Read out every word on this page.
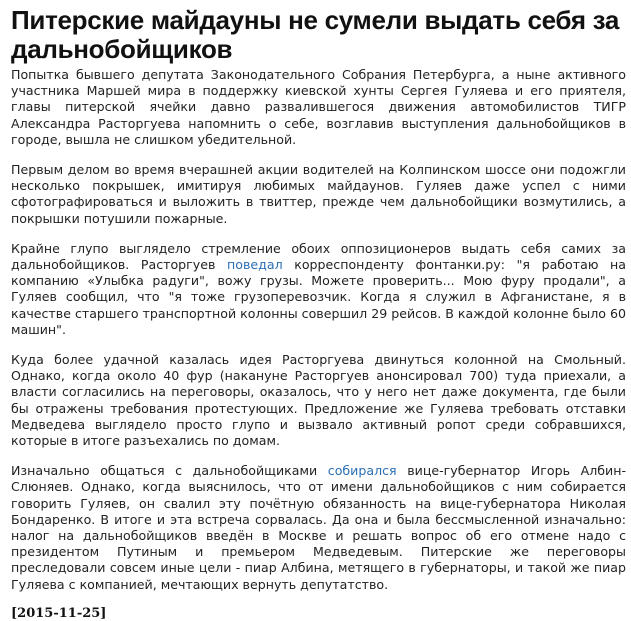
Питерские майдауны не сумели выдать себя за дальнобойщиков

Попытка бывшего депутата Законодательного Собрания Петербурга, а ныне активного участника Маршей мира в поддержку киевской хунты Сергея Гуляева и его приятеля, главы питерской ячейки давно развалившегося движения автомобилистов ТИГР Александра Расторгуева напомнить о себе, возглавив выступления дальнобойщиков в городе, вышла не слишком убедительной.

Первым делом во время вчерашней акции водителей на Колпинском шоссе они подожгли несколько покрышек, имитируя любимых майдаунов. Гуляев даже успел с ними сфотографироваться и выложить в твиттер, прежде чем дальнобойщики возмутились, а покрышки потушили пожарные.

Крайне глупо выглядело стремление обоих оппозиционеров выдать себя самих за дальнобойщиков. Расторгуев поведал корреспонденту фонтанки.ру: "я работаю на компанию «Улыбка радуги", вожу грузы. Можете проверить... Мою фуру продали", а Гуляев сообщил, что "я тоже грузоперевозчик. Когда я служил в Афганистане, я в качестве старшего транспортной колонны совершил 29 рейсов. В каждой колонне было 60 машин".

Куда более удачной казалась идея Расторгуева двинуться колонной на Смольный. Однако, когда около 40 фур (накануне Расторгуев анонсировал 700) туда приехали, а власти согласились на переговоры, оказалось, что у него нет даже документа, где были бы отражены требования протестующих. Предложение же Гуляева требовать отставки Медведева выглядело просто глупо и вызвало активный ропот среди собравшихся, которые в итоге разъехались по домам.

Изначально общаться с дальнобойщиками собирался вице-губернатор Игорь Албин-Слюняев. Однако, когда выяснилось, что от имени дальнобойщиков с ним собирается говорить Гуляев, он свалил эту почётную обязанность на вице-губернатора Николая Бондаренко. В итоге и эта встреча сорвалась. Да она и была бессмысленной изначально: налог на дальнобойщиков введён в Москве и решать вопрос об его отмене надо с президентом Путиным и премьером Медведевым. Питерские же переговоры преследовали совсем иные цели - пиар Албина, метящего в губернаторы, и такой же пиар Гуляева с компанией, мечтающих вернуть депутатство.

[2015-11-25]
